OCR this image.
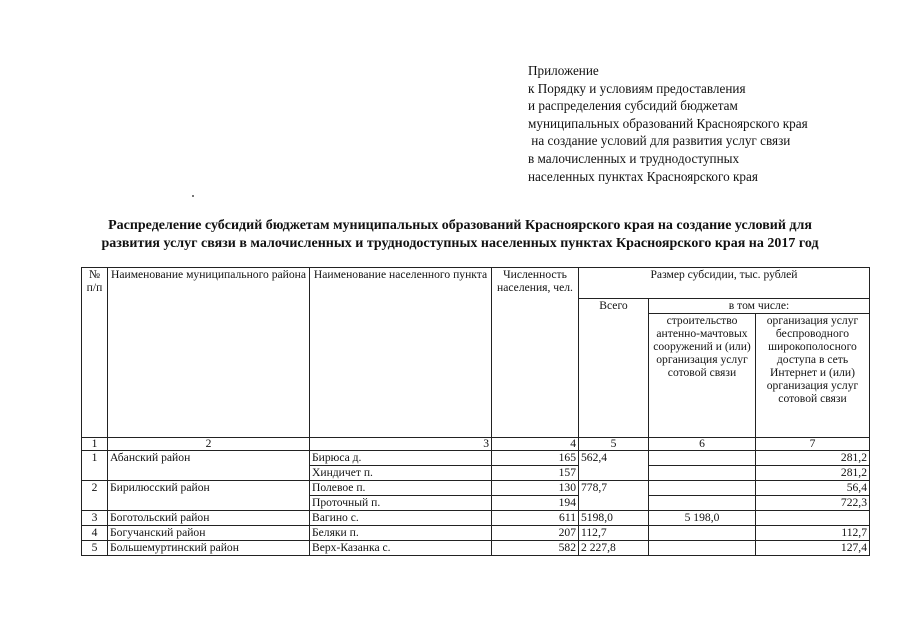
Приложение
к Порядку и условиям предоставления
и распределения субсидий бюджетам
муниципальных образований Красноярского края
на создание условий для развития услуг связи
в малочисленных и труднодоступных
населенных пунктах Красноярского края
Распределение субсидий бюджетам муниципальных образований Красноярского края на создание условий для
развития услуг связи в малочисленных и труднодоступных населенных пунктах Красноярского края на 2017 год
№ п/п	Наименование муниципального района	Наименование населенного пункта	Численность населения, чел.	Размер субсидии, тыс. рублей		
				Всего	в том числе:	
					строительство антенно-мачтовых сооружений и (или) организация услуг сотовой связи	организация услуг беспроводного широкополосного доступа в сеть Интернет и (или) организация услуг сотовой связи
1	2	3	4	5	6	7
1	Абанский район	Бирюса д.	165	562,4		281,2
		Хиндичет п.	157			281,2
2	Бирилюсский район	Полевое п.	130	778,7		56,4
		Проточный п.	194			722,3
3	Боготольский район	Вагино с.	611	5198,0	5 198,0	
4	Богучанский район	Беляки п.	207	112,7		112,7
5	Большемуртинский район	Верх-Казанка с.	582	2 227,8		127,4
